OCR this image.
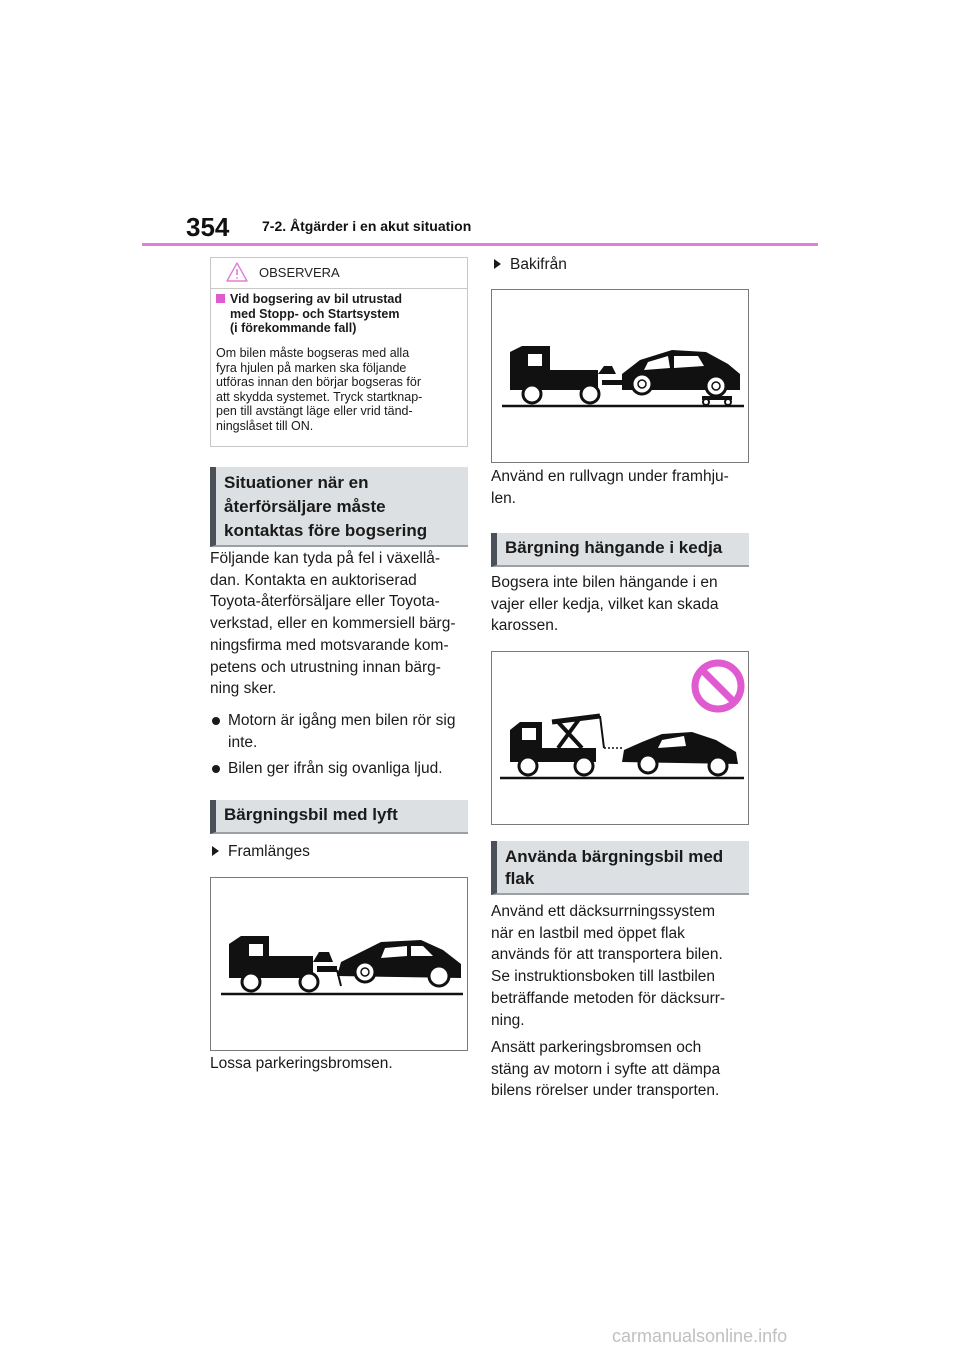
354 7-2. Åtgärder i en akut situation
OBSERVERA
Vid bogsering av bil utrustad
med Stopp- och Startsystem
(i förekommande fall)
Om bilen måste bogseras med alla
fyra hjulen på marken ska följande
utföras innan den börjar bogseras för
att skydda systemet. Tryck startknap-
pen till avstängt läge eller vrid tänd-
ningslåset till ON.
Situationer när en
återförsäljare måste
kontaktas före bogsering
Följande kan tyda på fel i växellå-
dan. Kontakta en auktoriserad
Toyota-återförsäljare eller Toyota-
verkstad, eller en kommersiell bärg-
ningsfirma med motsvarande kom-
petens och utrustning innan bärg-
ning sker.
Motorn är igång men bilen rör sig
inte.
Bilen ger ifrån sig ovanliga ljud.
Bärgningsbil med lyft
Framlänges
Lossa parkeringsbromsen.
Bakifrån
Använd en rullvagn under framhju-
len.
Bärgning hängande i kedja
Bogsera inte bilen hängande i en
vajer eller kedja, vilket kan skada
karossen.
Använda bärgningsbil med
flak
Använd ett däcksurrningssystem
när en lastbil med öppet flak
används för att transportera bilen.
Se instruktionsboken till lastbilen
beträffande metoden för däcksurr-
ning.
Ansätt parkeringsbromsen och
stäng av motorn i syfte att dämpa
bilens rörelser under transporten.
carmanualsonline.info
